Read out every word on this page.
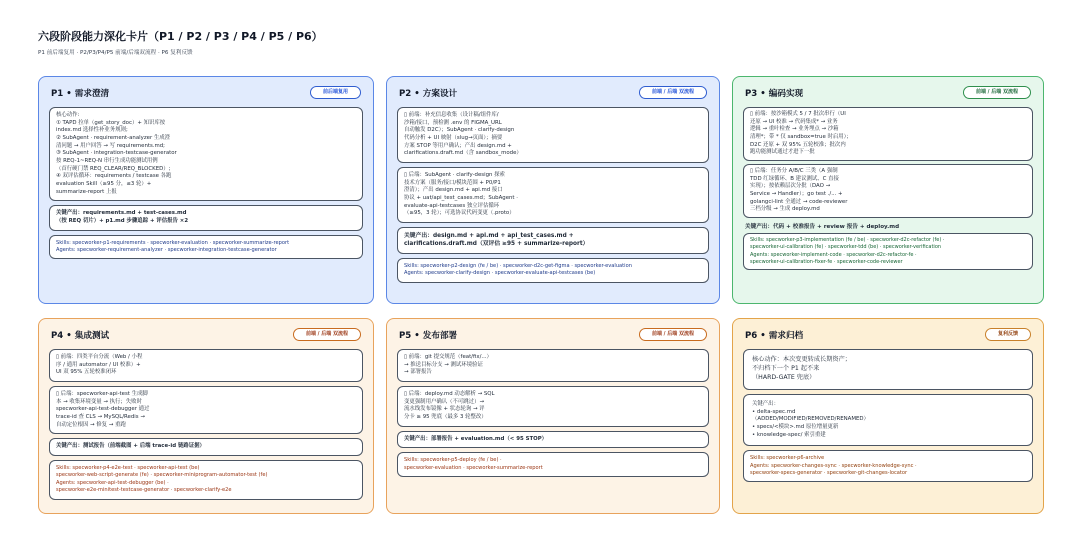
六段阶段能力深化卡片（P1 / P2 / P3 / P4 / P5 / P6）
P1 前后端复用 · P2/P3/P4/P5 前端/后端双流程 · P6 复利反馈
P1 • 需求澄清	前后端复用
核心动作:
① TAPD 拉单（get_story_doc）+ 知识库按
index.md 选择性补业务规则;
② SubAgent · requirement-analyzer 生成澄
清问题 → 用户回答 → 写 requirements.md;
③ SubAgent · integration-testcase-generator
按 REQ-1~REQ-N 串行生成功能测试用例
（首行硬门禁 REQ_CLEAR/REQ_BLOCKED）;
④ 双评估循环：requirements / testcase 各跑
evaluation Skill（≥95 分，≤3 轮）+
summarize-report 上报
关键产出：requirements.md + test-cases.md
（按 REQ 切片）+ p1.md 步骤追踪 + 评估报告 ×2
Skills: specworker-p1-requirements · specworker-evaluation · specworker-summarize-report
Agents: specworker-requirement-analyzer · specworker-integration-testcase-generator
P2 • 方案设计	前端 / 后端 双流程
▯ 前端：补充信息收集（设计稿/组件库/
沙箱/接口，预检测 .env 的 FIGMA_URL
自动触发 D2C）；SubAgent · clarify-design
代码分析 + UI 映射（slug→页面）；摘要
方案 STOP 等用户确认；产出 design.md +
clarifications.draft.md（含 sandbox_mode）
▯ 后端：SubAgent · clarify-design 探索
技术方案（服务/接口/模块范围 + P0/P1
澄清）；产出 design.md + api.md 接口
协议 + uat/api_test_cases.md；SubAgent ·
evaluate-api-testcases 独立评估循环
（≥95，3 轮）；可选协议代码变更（.proto）
关键产出：design.md + api.md + api_test_cases.md +
clarifications.draft.md（双评估 ≥95 + summarize-report）
Skills: specworker-p2-design (fe / be) · specworker-d2c-get-figma · specworker-evaluation
Agents: specworker-clarify-design · specworker-evaluate-api-testcases (be)
P3 • 编码实现	前端 / 后端 双流程
▯ 前端：按沙箱模式 5 / 7 批次串行（UI
还原 → UI 校准 → 代码集成* → 业务
逻辑 → 重叶检查 → 业务埋点 → 沙箱
清理*；带 * 仅 sandbox=true 时启用）；
D2C 还原 + 双 95% 五轮校准；批次内
跑功能测试通过才进下一批
▯ 后端：任务分 A/B/C 三类（A 强制
TDD 红绿循环、B 建议测试、C 直接
实现）；按依赖层次分批（DAO →
Service → Handler）；go test ./... +
golangci-lint 全通过 → code-reviewer
三档分级 → 生成 deploy.md
关键产出：代码 + 校准报告 + review 报告 + deploy.md
Skills: specworker-p3-implementation (fe / be) · specworker-d2c-refactor (fe) ·
specworker-ui-calibration (fe) · specworker-tdd (be) · specworker-verification
Agents: specworker-implement-code · specworker-d2c-refactor-fe ·
specworker-ui-calibration-fixer-fe · specworker-code-reviewer
P4 • 集成测试	前端 / 后端 双流程
▯ 前端：四类平台分流（Web / 小程
序 / 通用 automator / UI 校准）+
UI 双 95% 五轮校准闭环
▯ 后端：specworker-api-test 生成脚
本 → 收集环境变量 → 执行；失败时
specworker-api-test-debugger 通过
trace-id 查 CLS → MySQL/Redis →
自动定位根因 → 修复 → 重跑
关键产出：测试报告（前端截图 + 后端 trace-id 链路证据）
Skills: specworker-p4-e2e-test · specworker-api-test (be)
specworker-web-script-generate (fe) · specworker-miniprogram-automator-test (fe)
Agents: specworker-api-test-debugger (be) ·
specworker-e2e-minitest-testcase-generator · specworker-clarify-e2e
P5 • 发布部署	前端 / 后端 双流程
▯ 前端：git 提交规范（feat/fix/...）
→ 推送目标分支 → 测试环境验证
→ 部署报告
▯ 后端：deploy.md 动态解析 → SQL
变更强制用户确认（不可跳过）→
流水线发布镜像 + 状态轮询 → 评
分卡 ≥ 95 兜底（最多 3 轮整改）
关键产出：部署报告 + evaluation.md（< 95 STOP）
Skills: specworker-p5-deploy (fe / be) ·
specworker-evaluation · specworker-summarize-report
P6 • 需求归档	复利反馈
核心动作：本次变更转成长期资产；
不归档下一个 P1 起不来
（HARD-GATE 兜底）
关键产出：
• delta-spec.md
（ADDED/MODIFIED/REMOVED/RENAMED）
• specs/<模块>.md 原位增量更新
• knowledge-spec/ 索引重建
Skills: specworker-p6-archive
Agents: specworker-changes-sync · specworker-knowledge-sync ·
specworker-specs-generator · specworker-git-changes-locator
